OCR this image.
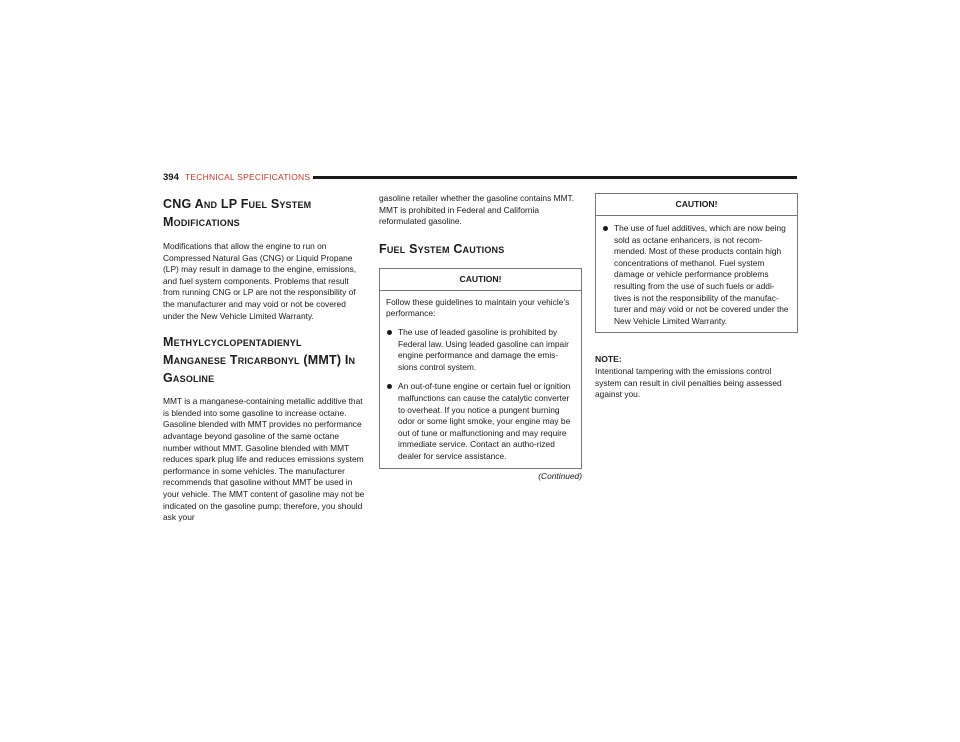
394 TECHNICAL SPECIFICATIONS
CNG And LP Fuel System Modifications

Modifications that allow the engine to run on Compressed Natural Gas (CNG) or Liquid Propane (LP) may result in damage to the engine, emissions, and fuel system components. Problems that result from running CNG or LP are not the responsibility of the manufacturer and may void or not be covered under the New Vehicle Limited Warranty.

Methylcyclopentadienyl Manganese Tricarbonyl (MMT) In Gasoline

MMT is a manganese-containing metallic additive that is blended into some gasoline to increase octane. Gasoline blended with MMT provides no performance advantage beyond gasoline of the same octane number without MMT. Gasoline blended with MMT reduces spark plug life and reduces emissions system performance in some vehicles. The manufacturer recommends that gasoline without MMT be used in your vehicle. The MMT content of gasoline may not be indicated on the gasoline pump; therefore, you should ask your

gasoline retailer whether the gasoline contains MMT. MMT is prohibited in Federal and California reformulated gasoline.

Fuel System Cautions
CAUTION!

Follow these guidelines to maintain your vehicle’s performance:

The use of leaded gasoline is prohibited by Federal law. Using leaded gasoline can impair engine performance and damage the emis-sions control system.
An out-of-tune engine or certain fuel or ignition malfunctions can cause the catalytic converter to overheat. If you notice a pungent burning odor or some light smoke, your engine may be out of tune or malfunctioning and may require immediate service. Contact an autho-rized dealer for service assistance.
(Continued)
CAUTION!
The use of fuel additives, which are now being sold as octane enhancers, is not recom-mended. Most of these products contain high concentrations of methanol. Fuel system damage or vehicle performance problems resulting from the use of such fuels or addi-tives is not the responsibility of the manufac-turer and may void or not be covered under the New Vehicle Limited Warranty.
NOTE:

Intentional tampering with the emissions control system can result in civil penalties being assessed against you.
